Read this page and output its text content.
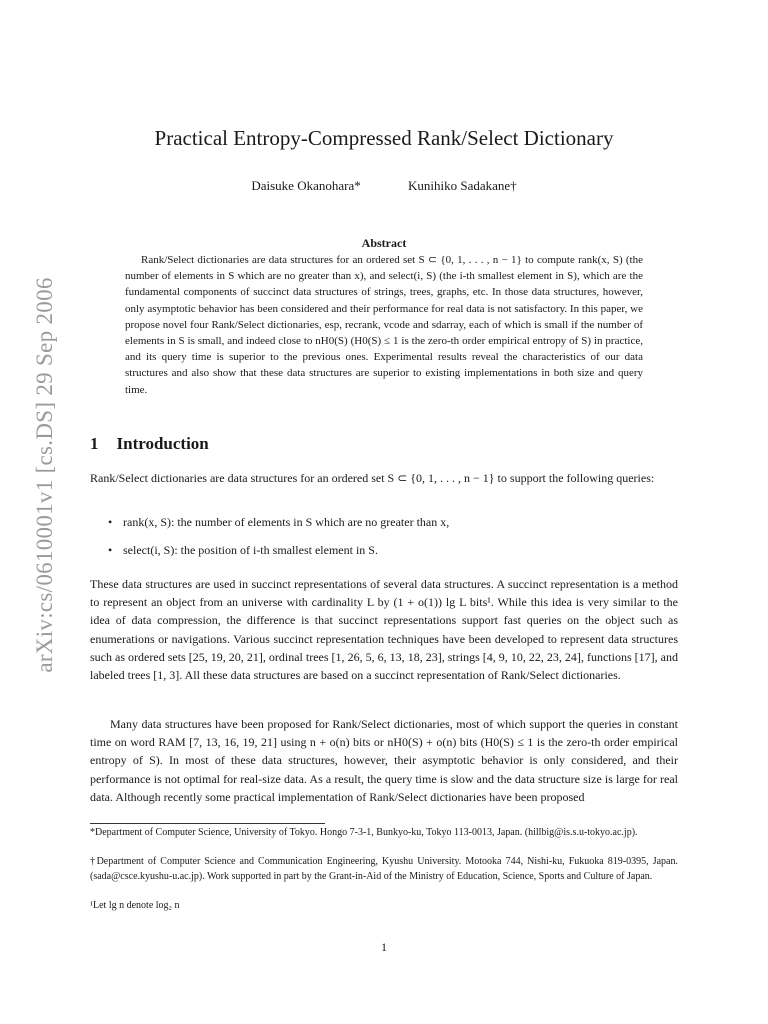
arXiv:cs/0610001v1 [cs.DS] 29 Sep 2006
Practical Entropy-Compressed Rank/Select Dictionary
Daisuke Okanohara*	Kunihiko Sadakane†
Abstract
Rank/Select dictionaries are data structures for an ordered set S ⊂ {0, 1, . . . , n − 1} to compute rank(x, S) (the number of elements in S which are no greater than x), and select(i, S) (the i-th smallest element in S), which are the fundamental components of succinct data structures of strings, trees, graphs, etc. In those data structures, however, only asymptotic behavior has been considered and their performance for real data is not satisfactory. In this paper, we propose novel four Rank/Select dictionaries, esp, recrank, vcode and sdarray, each of which is small if the number of elements in S is small, and indeed close to nH0(S) (H0(S) ≤ 1 is the zero-th order empirical entropy of S) in practice, and its query time is superior to the previous ones. Experimental results reveal the characteristics of our data structures and also show that these data structures are superior to existing implementations in both size and query time.
1 Introduction
Rank/Select dictionaries are data structures for an ordered set S ⊂ {0, 1, . . . , n − 1} to support the following queries:
• rank(x, S): the number of elements in S which are no greater than x,
• select(i, S): the position of i-th smallest element in S.
These data structures are used in succinct representations of several data structures. A succinct representation is a method to represent an object from an universe with cardinality L by (1 + o(1)) lg L bits¹. While this idea is very similar to the idea of data compression, the difference is that succinct representations support fast queries on the object such as enumerations or navigations. Various succinct representation techniques have been developed to represent data structures such as ordered sets [25, 19, 20, 21], ordinal trees [1, 26, 5, 6, 13, 18, 23], strings [4, 9, 10, 22, 23, 24], functions [17], and labeled trees [1, 3]. All these data structures are based on a succinct representation of Rank/Select dictionaries.
Many data structures have been proposed for Rank/Select dictionaries, most of which support the queries in constant time on word RAM [7, 13, 16, 19, 21] using n + o(n) bits or nH0(S) + o(n) bits (H0(S) ≤ 1 is the zero-th order empirical entropy of S). In most of these data structures, however, their asymptotic behavior is only considered, and their performance is not optimal for real-size data. As a result, the query time is slow and the data structure size is large for real data. Although recently some practical implementation of Rank/Select dictionaries have been proposed
*Department of Computer Science, University of Tokyo. Hongo 7-3-1, Bunkyo-ku, Tokyo 113-0013, Japan. (hillbig@is.s.u-tokyo.ac.jp).
†Department of Computer Science and Communication Engineering, Kyushu University. Motooka 744, Nishi-ku, Fukuoka 819-0395, Japan. (sada@csce.kyushu-u.ac.jp). Work supported in part by the Grant-in-Aid of the Ministry of Education, Science, Sports and Culture of Japan.
¹Let lg n denote log₂ n
1
